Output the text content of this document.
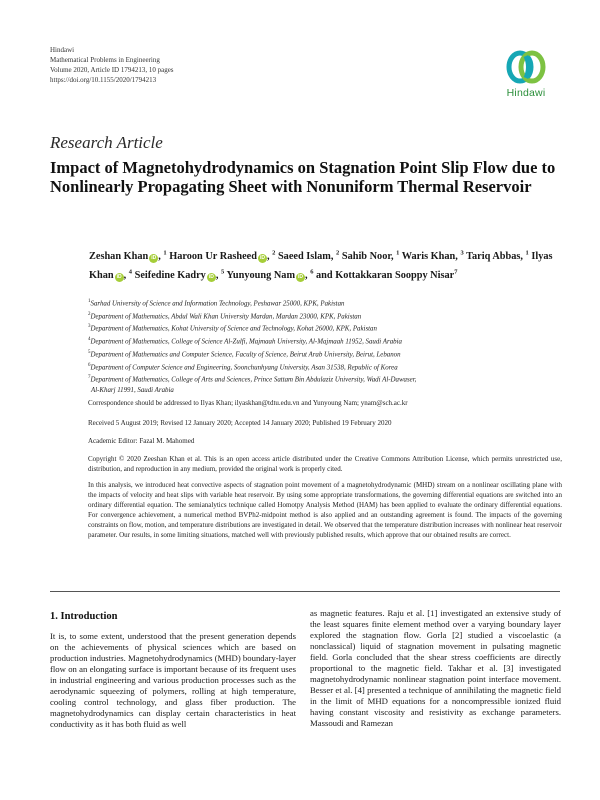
Hindawi
Mathematical Problems in Engineering
Volume 2020, Article ID 1794213, 10 pages
https://doi.org/10.1155/2020/1794213
Hindawi
Research Article
Impact of Magnetohydrodynamics on Stagnation Point Slip Flow due to Nonlinearly Propagating Sheet with Nonuniform Thermal Reservoir
Zeshan Khan iD , $^1$ Haroon Ur Rasheed iD , $^2$ Saeed Islam, $^2$ Sahib Noor, $^1$ Waris Khan, $^3$ Tariq Abbas, $^1$ Ilyas Khan iD , $^4$ Seifedine Kadry iD , $^5$ Yunyoung Nam iD , $^6$ and Kottakkaran Sooppy Nisar$^7$
$^1$Sarhad University of Science and Information Technology, Peshawar 25000, KPK, Pakistan
$^2$Department of Mathematics, Abdul Wali Khan University Mardan, Mardan 23000, KPK, Pakistan
$^3$Department of Mathematics, Kohat University of Science and Technology, Kohat 26000, KPK, Pakistan
$^4$Department of Mathematics, College of Science Al-Zulfi, Majmaah University, Al-Majmaah 11952, Saudi Arabia
$^5$Department of Mathematics and Computer Science, Faculty of Science, Beirut Arab University, Beirut, Lebanon
$^6$Department of Computer Science and Engineering, Soonchunhyang University, Asan 31538, Republic of Korea
$^7$Department of Mathematics, College of Arts and Sciences, Prince Sattam Bin Abdulaziz University, Wadi Al-Dawaser,
Al-Kharj 11991, Saudi Arabia
Correspondence should be addressed to Ilyas Khan; ilyaskhan@tdtu.edu.vn and Yunyoung Nam; ynam@sch.ac.kr
Received 5 August 2019; Revised 12 January 2020; Accepted 14 January 2020; Published 19 February 2020
Academic Editor: Fazal M. Mahomed
Copyright © 2020 Zeeshan Khan et al. This is an open access article distributed under the Creative Commons Attribution License, which permits unrestricted use, distribution, and reproduction in any medium, provided the original work is properly cited.
In this analysis, we introduced heat convective aspects of stagnation point movement of a magnetohydrodynamic (MHD) stream on a nonlinear oscillating plane with the impacts of velocity and heat slips with variable heat reservoir. By using some appropriate transformations, the governing differential equations are switched into an ordinary differential equation. The semianalytics technique called Homotpy Analysis Method (HAM) has been applied to evaluate the ordinary differential equations. For convergence achievement, a numerical method BVPh2-midpoint method is also applied and an outstanding agreement is found. The impacts of the governing constraints on flow, motion, and temperature distributions are investigated in detail. We observed that the temperature distribution increases with nonlinear heat reservoir parameter. Our results, in some limiting situations, matched well with previously published results, which approve that our obtained results are correct.
1. Introduction
It is, to some extent, understood that the present generation depends on the achievements of physical sciences which are based on production industries. Magnetohydrodynamics (MHD) boundary-layer flow on an elongating surface is important because of its frequent uses in industrial engineering and various production processes such as the aerodynamic squeezing of polymers, rolling at high temperature, cooling control technology, and glass fiber production. The magnetohydrodynamics can display certain characteristics in heat conductivity as it has both fluid as well
as magnetic features. Raju et al. [1] investigated an extensive study of the least squares finite element method over a varying boundary layer explored the stagnation flow. Gorla [2] studied a viscoelastic (a nonclassical) liquid of stagnation movement in pulsating magnetic field. Gorla concluded that the shear stress coefficients are directly proportional to the magnetic field. Takhar et al. [3] investigated magnetohydrodynamic nonlinear stagnation point interface movement. Besser et al. [4] presented a technique of annihilating the magnetic field in the limit of MHD equations for a noncompressible ionized fluid having constant viscosity and resistivity as exchange parameters. Massoudi and Ramezan
